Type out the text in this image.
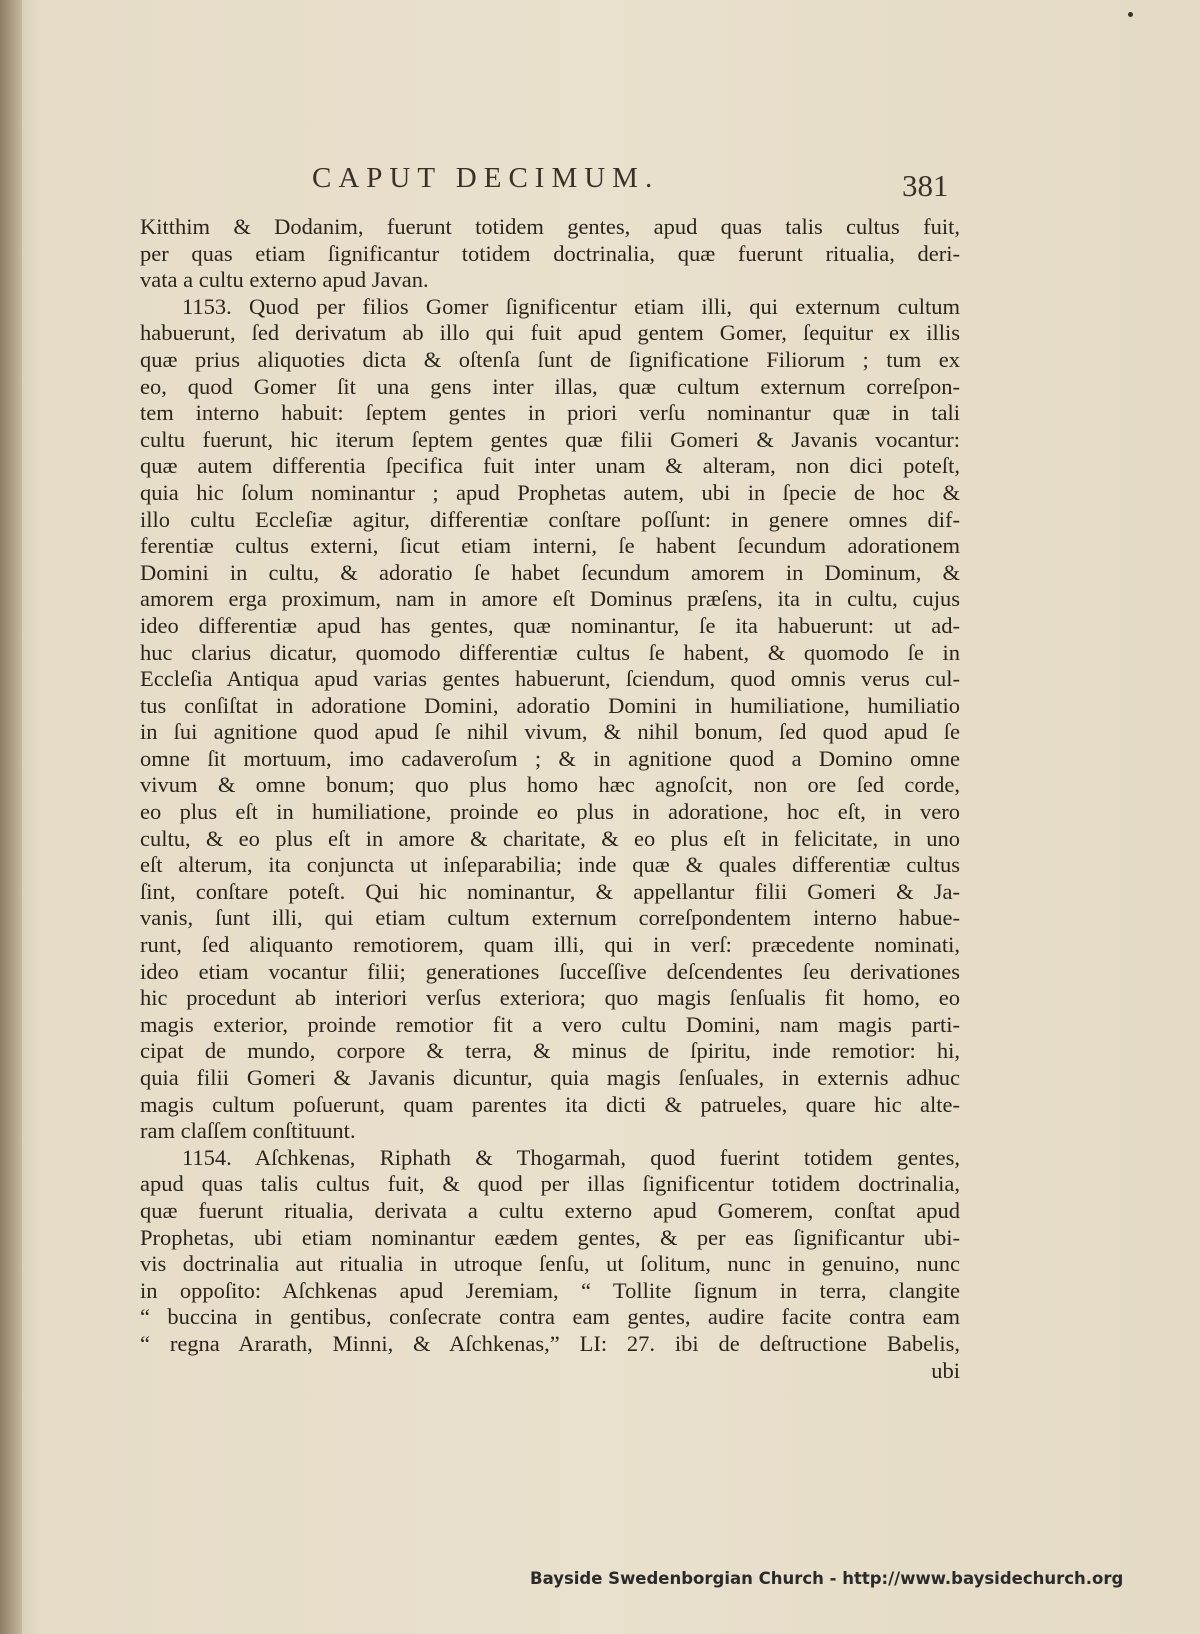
CAPUT DECIMUM.	381
Kitthim & Dodanim, fuerunt totidem gentes, apud quas talis cultus fuit,
per quas etiam ſignificantur totidem doctrinalia, quæ fuerunt ritualia, deri-
vata a cultu externo apud Javan.
1153. Quod per filios Gomer ſignificentur etiam illi, qui externum cultum
habuerunt, ſed derivatum ab illo qui fuit apud gentem Gomer, ſequitur ex illis
quæ prius aliquoties dicta & oſtenſa ſunt de ſignificatione Filiorum ; tum ex
eo, quod Gomer ſit una gens inter illas, quæ cultum externum correſpon-
tem interno habuit: ſeptem gentes in priori verſu nominantur quæ in tali
cultu fuerunt, hic iterum ſeptem gentes quæ filii Gomeri & Javanis vocantur:
quæ autem differentia ſpecifica fuit inter unam & alteram, non dici poteſt,
quia hic ſolum nominantur ; apud Prophetas autem, ubi in ſpecie de hoc &
illo cultu Eccleſiæ agitur, differentiæ conſtare poſſunt: in genere omnes dif-
ferentiæ cultus externi, ſicut etiam interni, ſe habent ſecundum adorationem
Domini in cultu, & adoratio ſe habet ſecundum amorem in Dominum, &
amorem erga proximum, nam in amore eſt Dominus præſens, ita in cultu, cujus
ideo differentiæ apud has gentes, quæ nominantur, ſe ita habuerunt: ut ad-
huc clarius dicatur, quomodo differentiæ cultus ſe habent, & quomodo ſe in
Eccleſia Antiqua apud varias gentes habuerunt, ſciendum, quod omnis verus cul-
tus conſiſtat in adoratione Domini, adoratio Domini in humiliatione, humiliatio
in ſui agnitione quod apud ſe nihil vivum, & nihil bonum, ſed quod apud ſe
omne ſit mortuum, imo cadaveroſum ; & in agnitione quod a Domino omne
vivum & omne bonum; quo plus homo hæc agnoſcit, non ore ſed corde,
eo plus eſt in humiliatione, proinde eo plus in adoratione, hoc eſt, in vero
cultu, & eo plus eſt in amore & charitate, & eo plus eſt in felicitate, in uno
eſt alterum, ita conjuncta ut inſeparabilia; inde quæ & quales differentiæ cultus
ſint, conſtare poteſt. Qui hic nominantur, & appellantur filii Gomeri & Ja-
vanis, ſunt illi, qui etiam cultum externum correſpondentem interno habue-
runt, ſed aliquanto remotiorem, quam illi, qui in verſ: præcedente nominati,
ideo etiam vocantur filii; generationes ſucceſſive deſcendentes ſeu derivationes
hic procedunt ab interiori verſus exteriora; quo magis ſenſualis fit homo, eo
magis exterior, proinde remotior fit a vero cultu Domini, nam magis parti-
cipat de mundo, corpore & terra, & minus de ſpiritu, inde remotior: hi,
quia filii Gomeri & Javanis dicuntur, quia magis ſenſuales, in externis adhuc
magis cultum poſuerunt, quam parentes ita dicti & patrueles, quare hic alte-
ram claſſem conſtituunt.
1154. Aſchkenas, Riphath & Thogarmah, quod fuerint totidem gentes,
apud quas talis cultus fuit, & quod per illas ſignificentur totidem doctrinalia,
quæ fuerunt ritualia, derivata a cultu externo apud Gomerem, conſtat apud
Prophetas, ubi etiam nominantur eædem gentes, & per eas ſignificantur ubi-
vis doctrinalia aut ritualia in utroque ſenſu, ut ſolitum, nunc in genuino, nunc
in oppoſito: Aſchkenas apud Jeremiam, “ Tollite ſignum in terra, clangite
“ buccina in gentibus, conſecrate contra eam gentes, audire facite contra eam
“ regna Ararath, Minni, & Aſchkenas,” LI: 27. ibi de deſtructione Babelis,
ubi
Bayside Swedenborgian Church - http://www.baysidechurch.org
